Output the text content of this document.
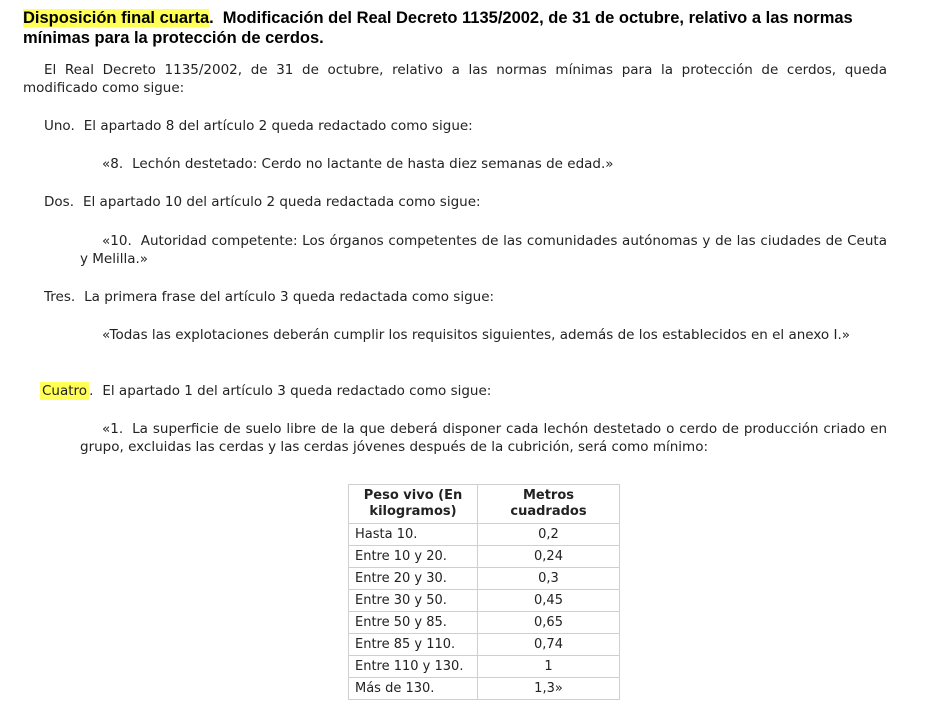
Disposición final cuarta. Modificación del Real Decreto 1135/2002, de 31 de octubre, relativo a las normas mínimas para la protección de cerdos.

El Real Decreto 1135/2002, de 31 de octubre, relativo a las normas mínimas para la protección de cerdos, queda modificado como sigue:

Uno. El apartado 8 del artículo 2 queda redactado como sigue:

«8. Lechón destetado: Cerdo no lactante de hasta diez semanas de edad.»

Dos. El apartado 10 del artículo 2 queda redactada como sigue:

«10. Autoridad competente: Los órganos competentes de las comunidades autónomas y de las ciudades de Ceuta y Melilla.»

Tres. La primera frase del artículo 3 queda redactada como sigue:

«Todas las explotaciones deberán cumplir los requisitos siguientes, además de los establecidos en el anexo I.»

Cuatro . El apartado 1 del artículo 3 queda redactado como sigue:

«1. La superficie de suelo libre de la que deberá disponer cada lechón destetado o cerdo de producción criado en grupo, excluidas las cerdas y las cerdas jóvenes después de la cubrición, será como mínimo:

Peso vivo (En kilogramos)	Metros cuadrados
Hasta 10.	0,2
Entre 10 y 20.	0,24
Entre 20 y 30.	0,3
Entre 30 y 50.	0,45
Entre 50 y 85.	0,65
Entre 85 y 110.	0,74
Entre 110 y 130.	1
Más de 130.	1,3»
